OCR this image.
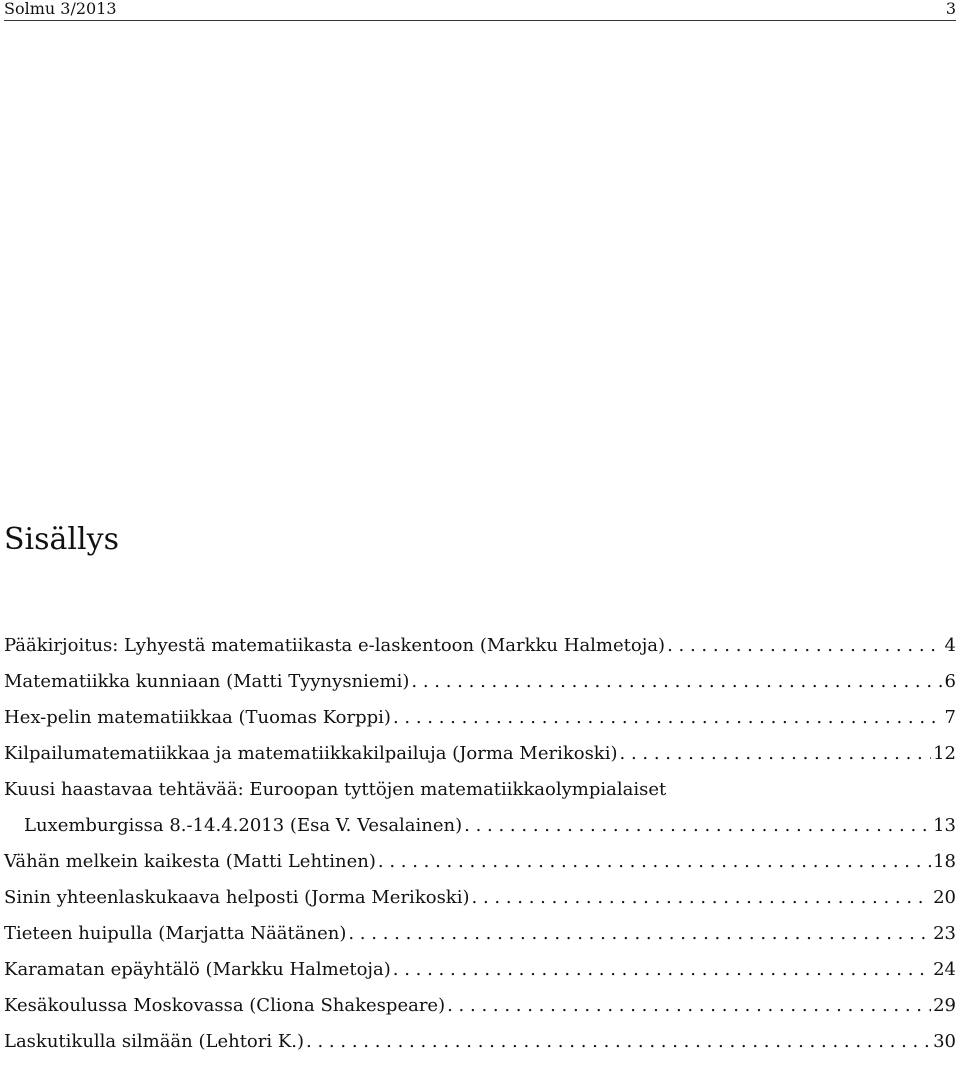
Solmu 3/2013	3
Sisällys
Pääkirjoitus: Lyhyestä matematiikasta e-laskentoon (Markku Halmetoja) . . .	4
Matematiikka kunniaan (Matti Tyynysniemi) . . .	6
Hex-pelin matematiikkaa (Tuomas Korppi) . . .	7
Kilpailumatematiikkaa ja matematiikkakilpailuja (Jorma Merikoski) . . .	12
Kuusi haastavaa tehtävää: Euroopan tyttöjen matematiikkaolympialaiset
Luxemburgissa 8.-14.4.2013 (Esa V. Vesalainen) . . .	13
Vähän melkein kaikesta (Matti Lehtinen) . . .	18
Sinin yhteenlaskukaava helposti (Jorma Merikoski) . . .	20
Tieteen huipulla (Marjatta Näätänen) . . .	23
Karamatan epäyhtälö (Markku Halmetoja) . . .	24
Kesäkoulussa Moskovassa (Cliona Shakespeare) . . .	29
Laskutikulla silmään (Lehtori K.) . . .	30
